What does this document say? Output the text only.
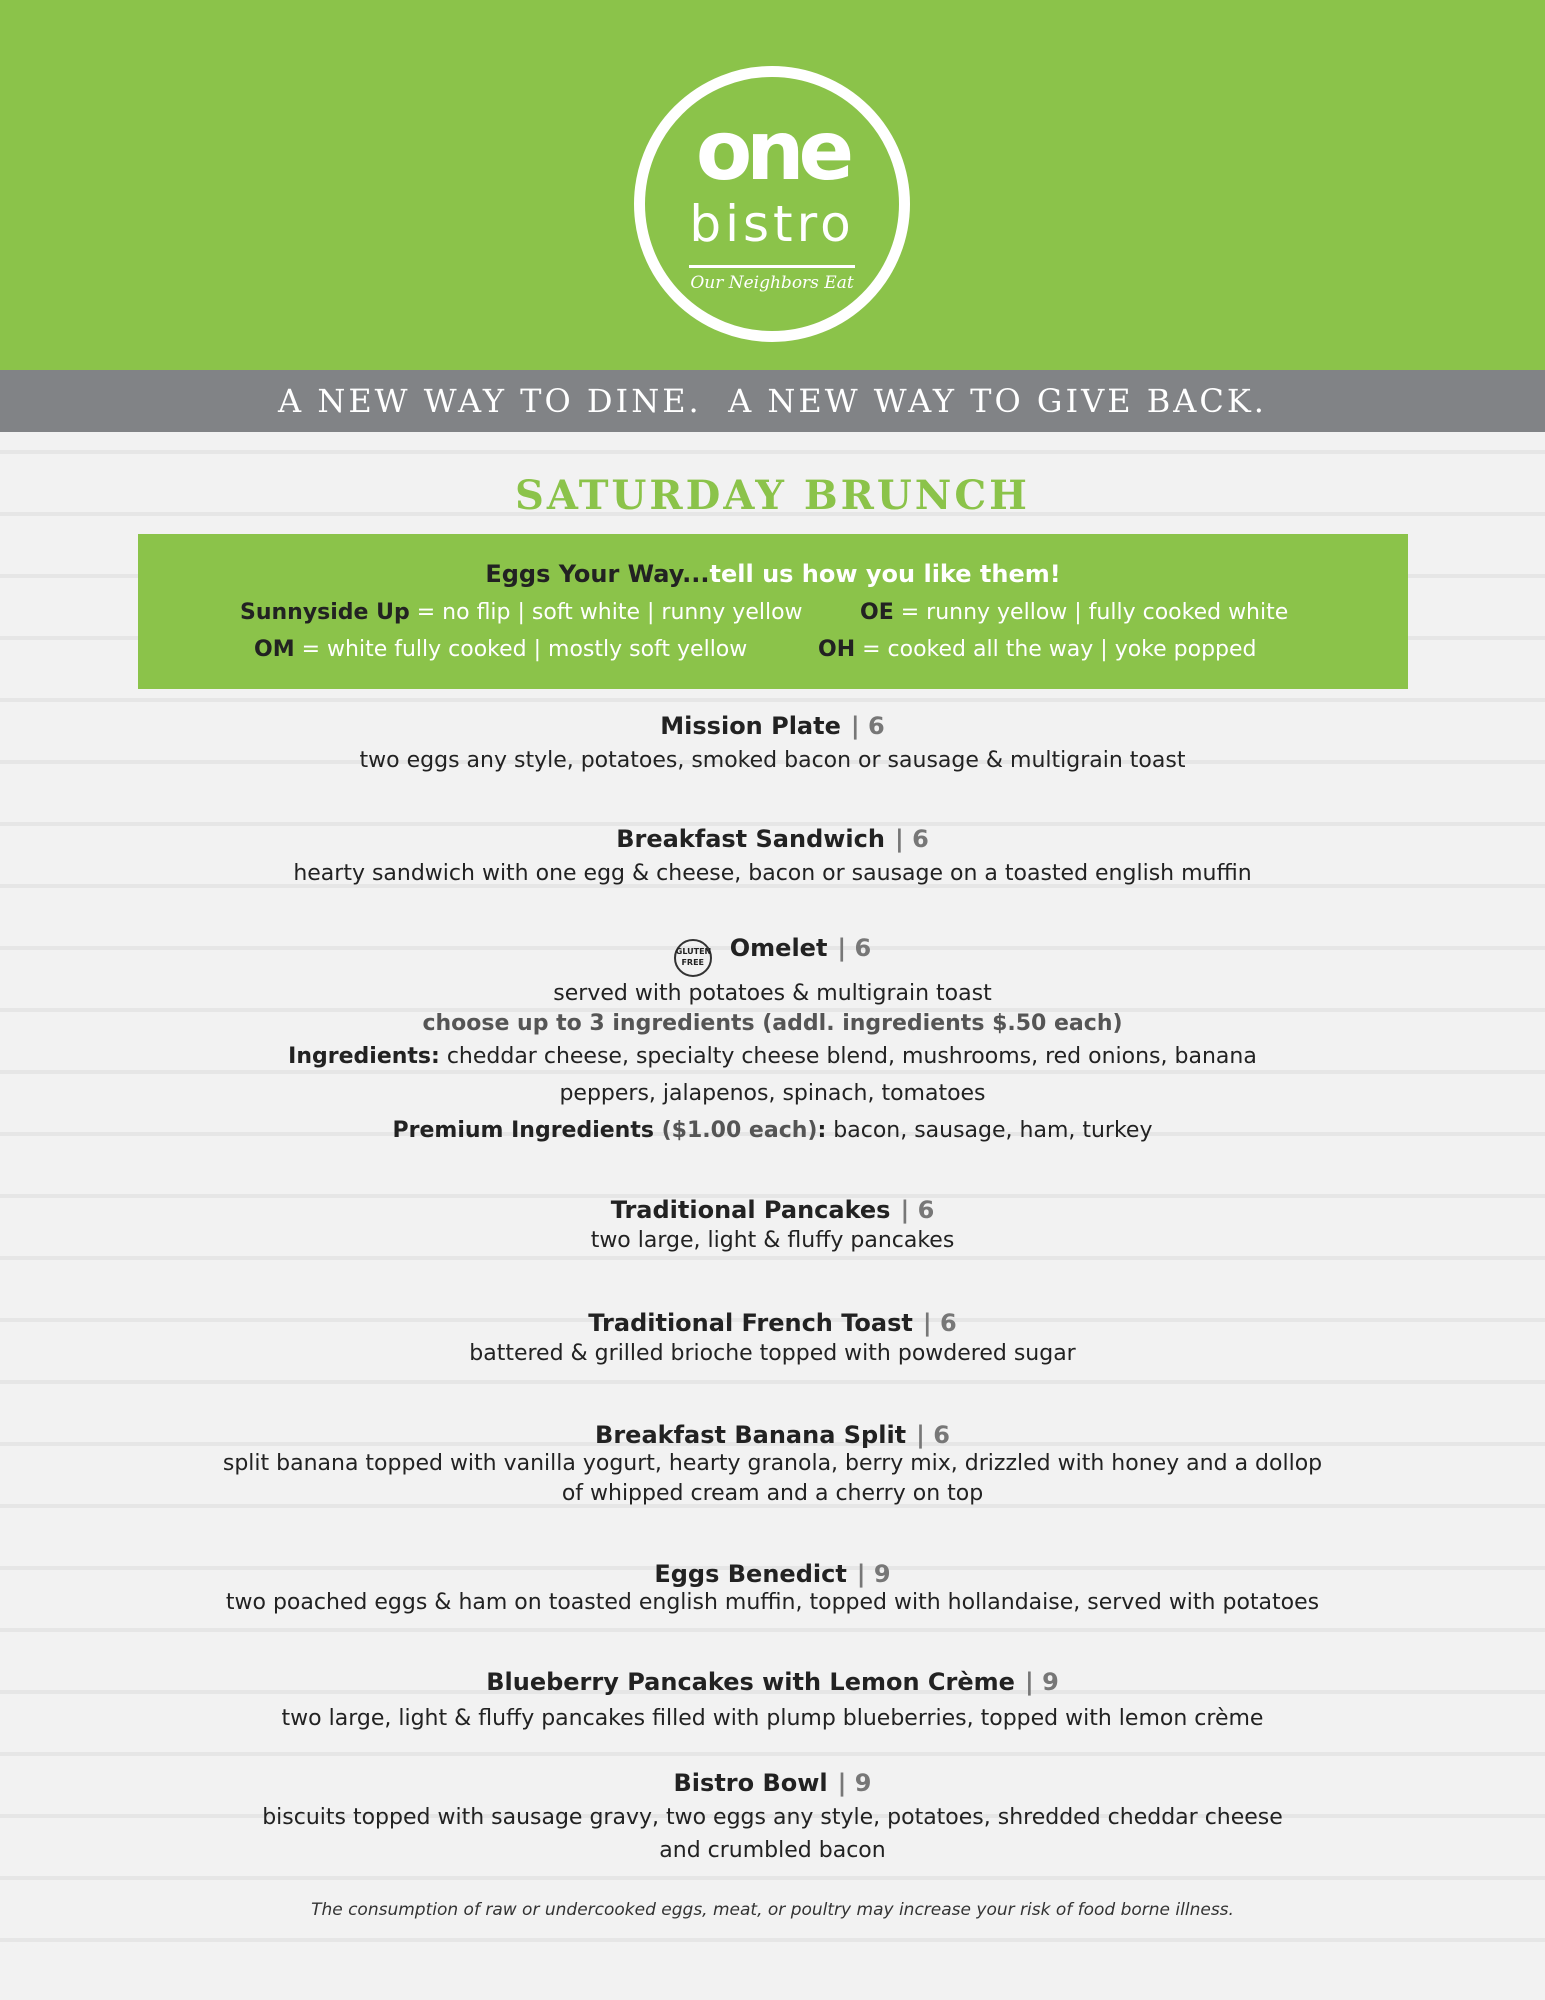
one
bistro
Our Neighbors Eat
A NEW WAY TO DINE.  A NEW WAY TO GIVE BACK.
SATURDAY BRUNCH
Eggs Your Way...tell us how you like them!
Sunnyside Up = no flip | soft white | runny yellow	OE = runny yellow | fully cooked white
OM = white fully cooked | mostly soft yellow	OH = cooked all the way | yoke popped
Mission Plate | 6
two eggs any style, potatoes, smoked bacon or sausage & multigrain toast
Breakfast Sandwich | 6
hearty sandwich with one egg & cheese, bacon or sausage on a toasted english muffin
GLUTEN FREEOmelet | 6
served with potatoes & multigrain toast
choose up to 3 ingredients (addl. ingredients $.50 each)
Ingredients: cheddar cheese, specialty cheese blend, mushrooms, red onions, banana
peppers, jalapenos, spinach, tomatoes
Premium Ingredients ($1.00 each): bacon, sausage, ham, turkey
Traditional Pancakes | 6
two large, light & fluffy pancakes
Traditional French Toast | 6
battered & grilled brioche topped with powdered sugar
Breakfast Banana Split | 6
split banana topped with vanilla yogurt, hearty granola, berry mix, drizzled with honey and a dollop
of whipped cream and a cherry on top
Eggs Benedict | 9
two poached eggs & ham on toasted english muffin, topped with hollandaise, served with potatoes
Blueberry Pancakes with Lemon Crème | 9
two large, light & fluffy pancakes filled with plump blueberries, topped with lemon crème
Bistro Bowl | 9
biscuits topped with sausage gravy, two eggs any style, potatoes, shredded cheddar cheese
and crumbled bacon
The consumption of raw or undercooked eggs, meat, or poultry may increase your risk of food borne illness.
